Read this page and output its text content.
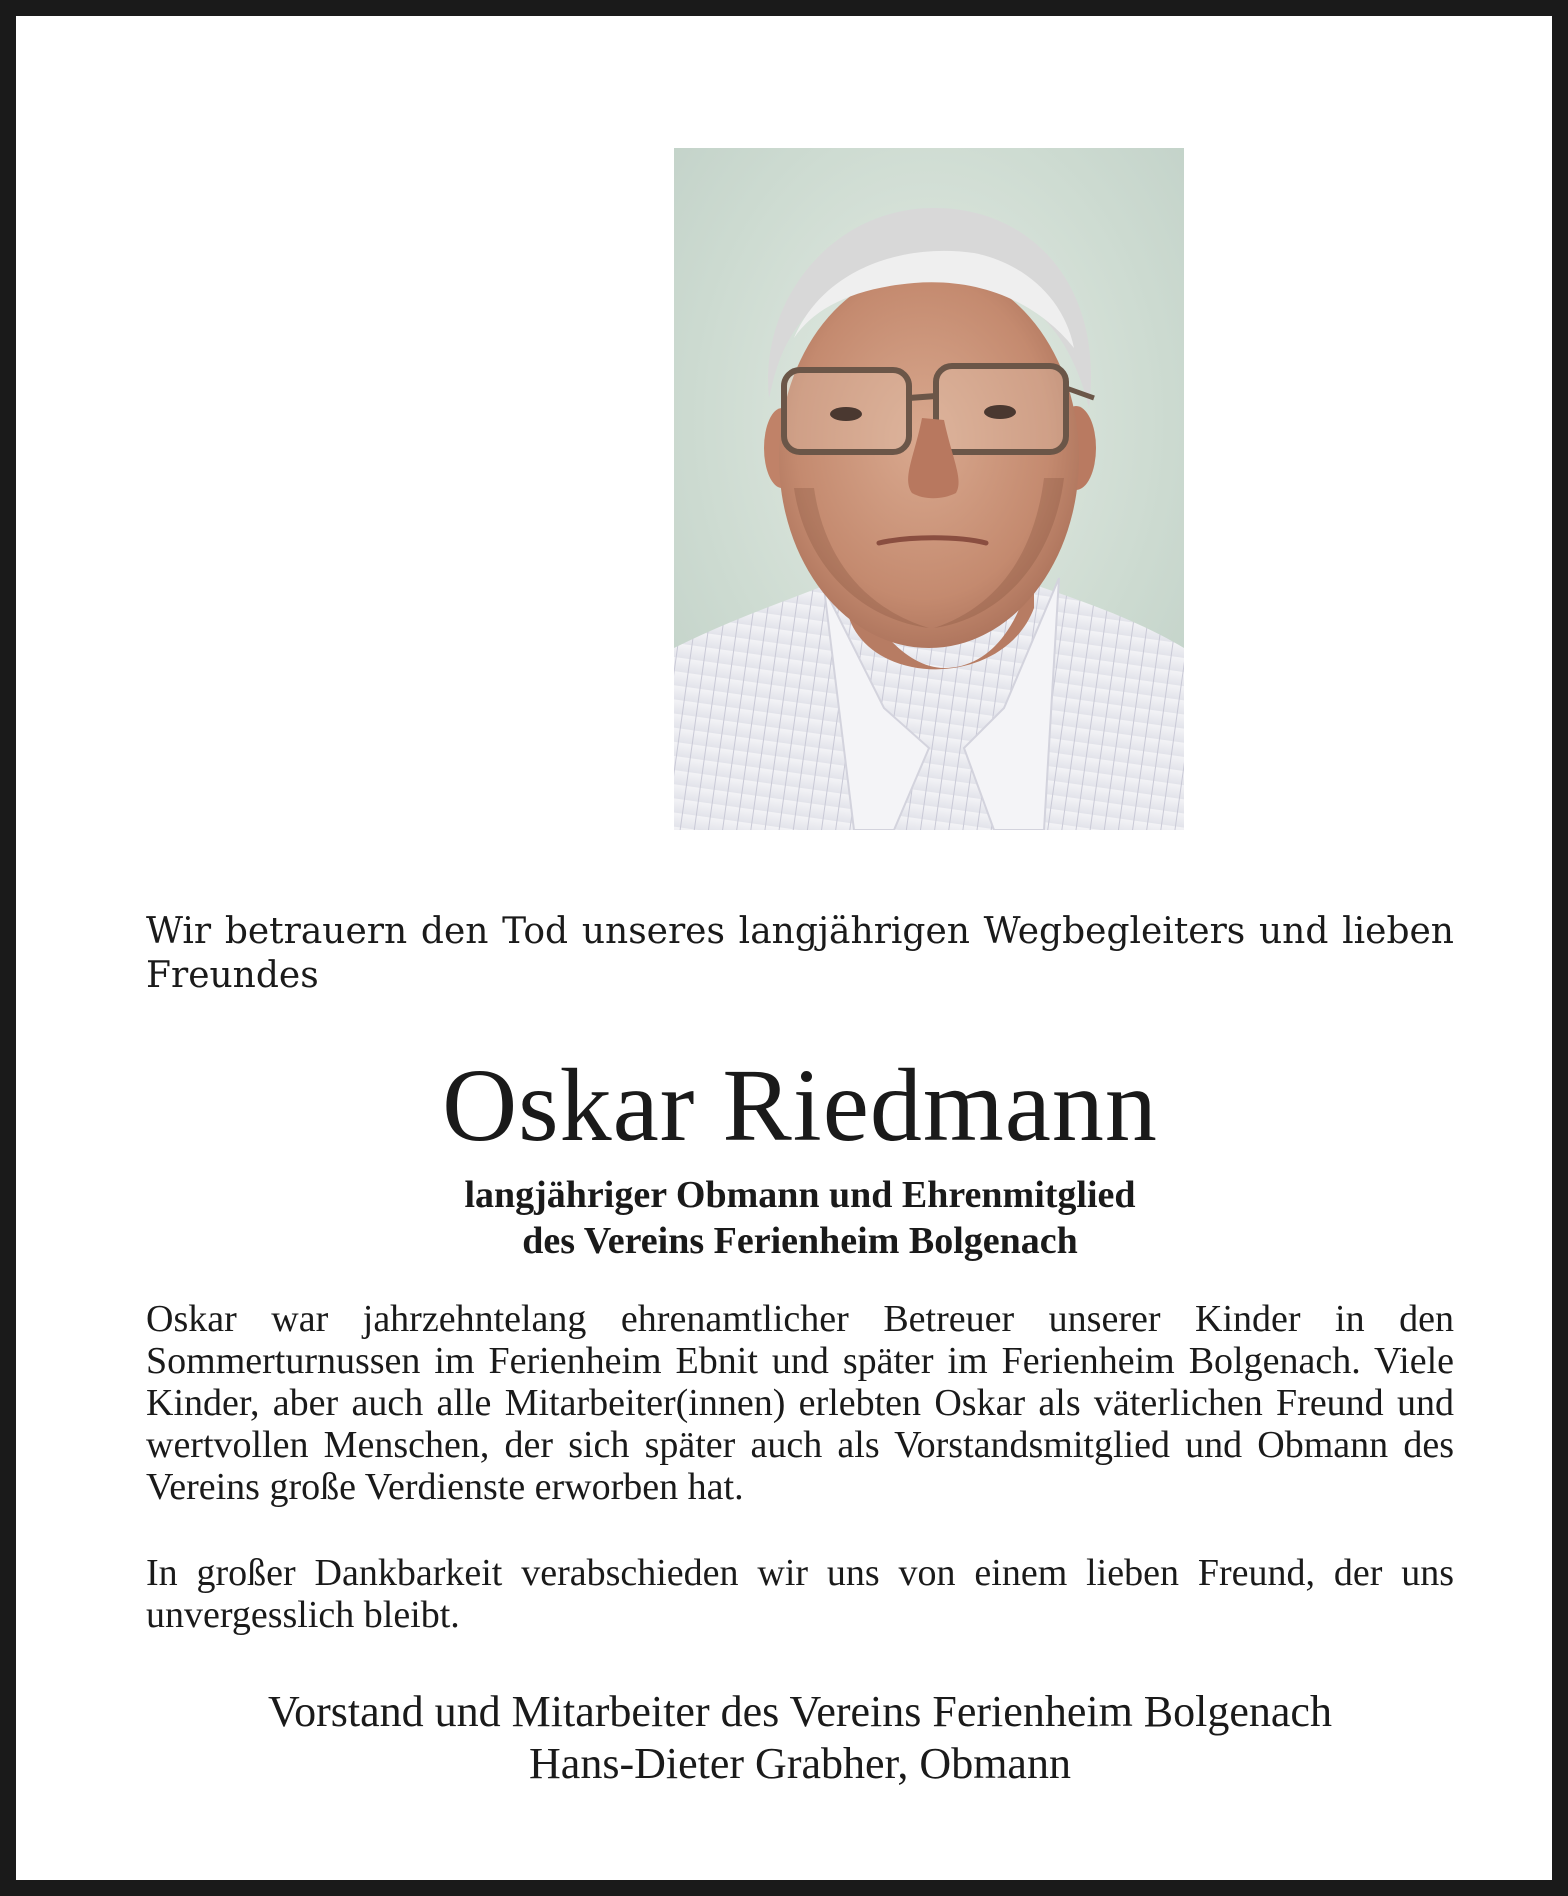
Wir betrauern den Tod unseres langjährigen Wegbegleiters und lieben Freundes
Oskar Riedmann
langjähriger Obmann und Ehrenmitglied
des Vereins Ferienheim Bolgenach
Oskar war jahrzehntelang ehrenamtlicher Betreuer unserer Kinder in den Sommerturnussen im Ferienheim Ebnit und später im Ferienheim Bolgenach. Viele Kinder, aber auch alle Mitarbeiter(innen) erlebten Oskar als väterlichen Freund und wertvollen Menschen, der sich später auch als Vorstandsmitglied und Obmann des Vereins große Verdienste erworben hat.
In großer Dankbarkeit verabschieden wir uns von einem lieben Freund, der uns unvergesslich bleibt.
Vorstand und Mitarbeiter des Vereins Ferienheim Bolgenach
Hans-Dieter Grabher, Obmann
